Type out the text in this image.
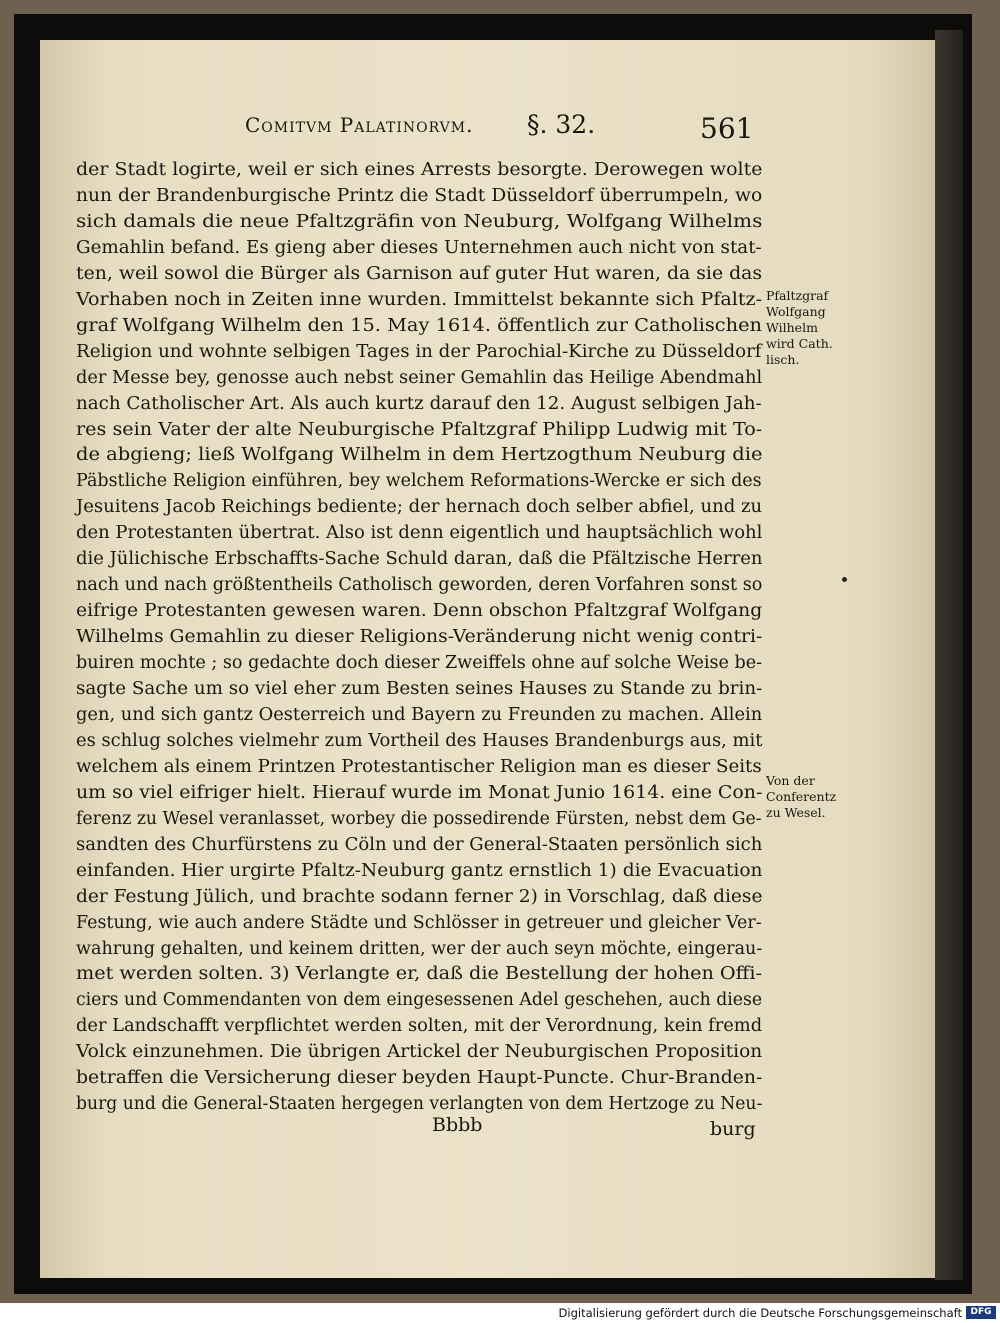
Comitvm Palatinorvm. §. 32.	561
der Stadt logirte, weil er sich eines Arrests besorgte. Derowegen wolte
nun der Brandenburgische Printz die Stadt Düsseldorf überrumpeln, wo
sich damals die neue Pfaltzgräfin von Neuburg, Wolfgang Wilhelms
Gemahlin befand. Es gieng aber dieses Unternehmen auch nicht von stat-
ten, weil sowol die Bürger als Garnison auf guter Hut waren, da sie das
Vorhaben noch in Zeiten inne wurden. Immittelst bekannte sich Pfaltz-
graf Wolfgang Wilhelm den 15. May 1614. öffentlich zur Catholischen
Religion und wohnte selbigen Tages in der Parochial-Kirche zu Düsseldorf
der Messe bey, genosse auch nebst seiner Gemahlin das Heilige Abendmahl
nach Catholischer Art. Als auch kurtz darauf den 12. August selbigen Jah-
res sein Vater der alte Neuburgische Pfaltzgraf Philipp Ludwig mit To-
de abgieng; ließ Wolfgang Wilhelm in dem Hertzogthum Neuburg die
Päbstliche Religion einführen, bey welchem Reformations-Wercke er sich des
Jesuitens Jacob Reichings bediente; der hernach doch selber abfiel, und zu
den Protestanten übertrat. Also ist denn eigentlich und hauptsächlich wohl
die Jülichische Erbschaffts-Sache Schuld daran, daß die Pfältzische Herren
nach und nach größtentheils Catholisch geworden, deren Vorfahren sonst so
eifrige Protestanten gewesen waren. Denn obschon Pfaltzgraf Wolfgang
Wilhelms Gemahlin zu dieser Religions-Veränderung nicht wenig contri-
buiren mochte ; so gedachte doch dieser Zweiffels ohne auf solche Weise be-
sagte Sache um so viel eher zum Besten seines Hauses zu Stande zu brin-
gen, und sich gantz Oesterreich und Bayern zu Freunden zu machen. Allein
es schlug solches vielmehr zum Vortheil des Hauses Brandenburgs aus, mit
welchem als einem Printzen Protestantischer Religion man es dieser Seits
um so viel eifriger hielt. Hierauf wurde im Monat Junio 1614. eine Con-
ferenz zu Wesel veranlasset, worbey die possedirende Fürsten, nebst dem Ge-
sandten des Churfürstens zu Cöln und der General-Staaten persönlich sich
einfanden. Hier urgirte Pfaltz-Neuburg gantz ernstlich 1) die Evacuation
der Festung Jülich, und brachte sodann ferner 2) in Vorschlag, daß diese
Festung, wie auch andere Städte und Schlösser in getreuer und gleicher Ver-
wahrung gehalten, und keinem dritten, wer der auch seyn möchte, eingerau-
met werden solten. 3) Verlangte er, daß die Bestellung der hohen Offi-
ciers und Commendanten von dem eingesessenen Adel geschehen, auch diese
der Landschafft verpflichtet werden solten, mit der Verordnung, kein fremd
Volck einzunehmen. Die übrigen Artickel der Neuburgischen Proposition
betraffen die Versicherung dieser beyden Haupt-Puncte. Chur-Branden-
burg und die General-Staaten hergegen verlangten von dem Hertzoge zu Neu-
Pfaltzgraf
Wolfgang
Wilhelm
wird Cath.
lisch.
Von der
Conferentz
zu Wesel.
Bbbb	burg
Digitalisierung gefördert durch die Deutsche Forschungsgemeinschaft DFG
